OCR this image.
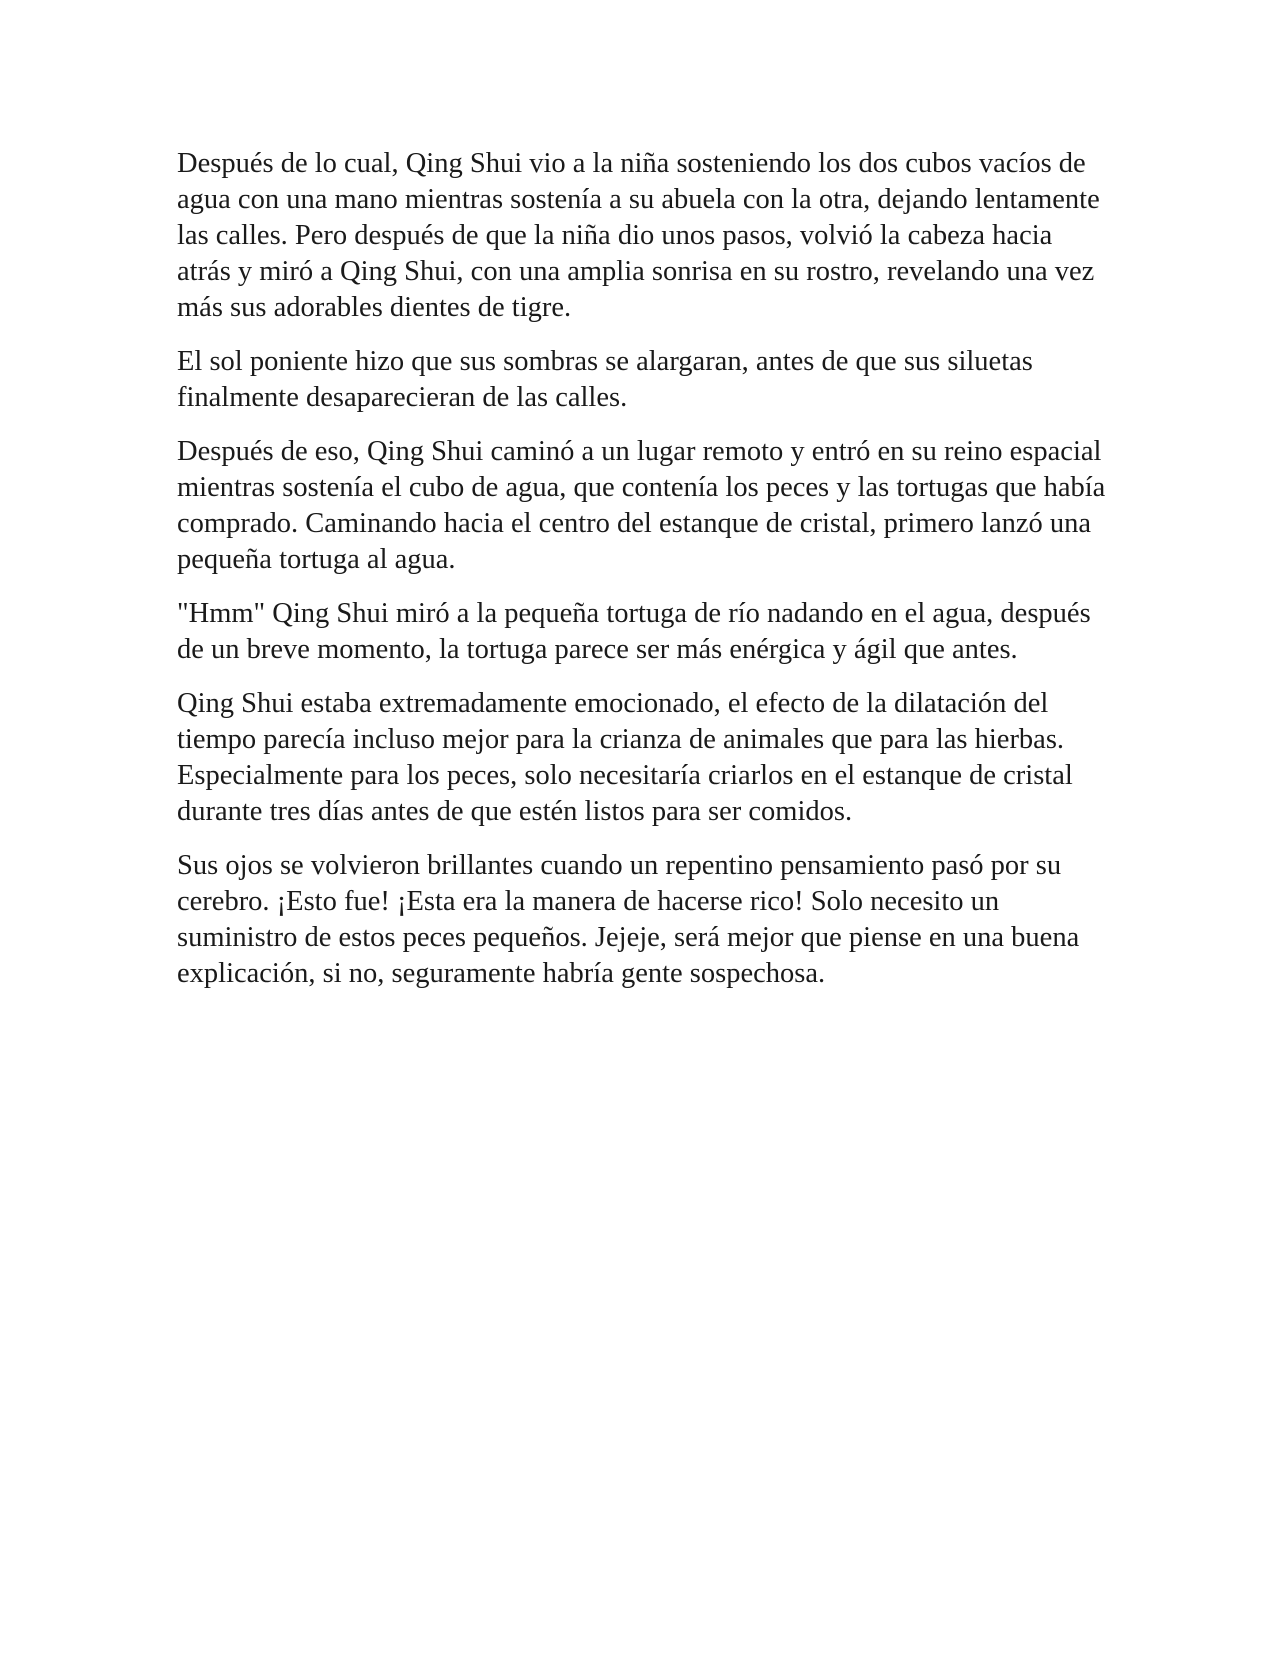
Después de lo cual, Qing Shui vio a la niña sosteniendo los dos cubos vacíos de agua con una mano mientras sostenía a su abuela con la otra, dejando lentamente las calles. Pero después de que la niña dio unos pasos, volvió la cabeza hacia atrás y miró a Qing Shui, con una amplia sonrisa en su rostro, revelando una vez más sus adorables dientes de tigre.

El sol poniente hizo que sus sombras se alargaran, antes de que sus siluetas finalmente desaparecieran de las calles.

Después de eso, Qing Shui caminó a un lugar remoto y entró en su reino espacial mientras sostenía el cubo de agua, que contenía los peces y las tortugas que había comprado. Caminando hacia el centro del estanque de cristal, primero lanzó una pequeña tortuga al agua.

"Hmm" Qing Shui miró a la pequeña tortuga de río nadando en el agua, después de un breve momento, la tortuga parece ser más enérgica y ágil que antes.

Qing Shui estaba extremadamente emocionado, el efecto de la dilatación del tiempo parecía incluso mejor para la crianza de animales que para las hierbas. Especialmente para los peces, solo necesitaría criarlos en el estanque de cristal durante tres días antes de que estén listos para ser comidos.

Sus ojos se volvieron brillantes cuando un repentino pensamiento pasó por su cerebro. ¡Esto fue! ¡Esta era la manera de hacerse rico! Solo necesito un suministro de estos peces pequeños. Jejeje, será mejor que piense en una buena explicación, si no, seguramente habría gente sospechosa.
